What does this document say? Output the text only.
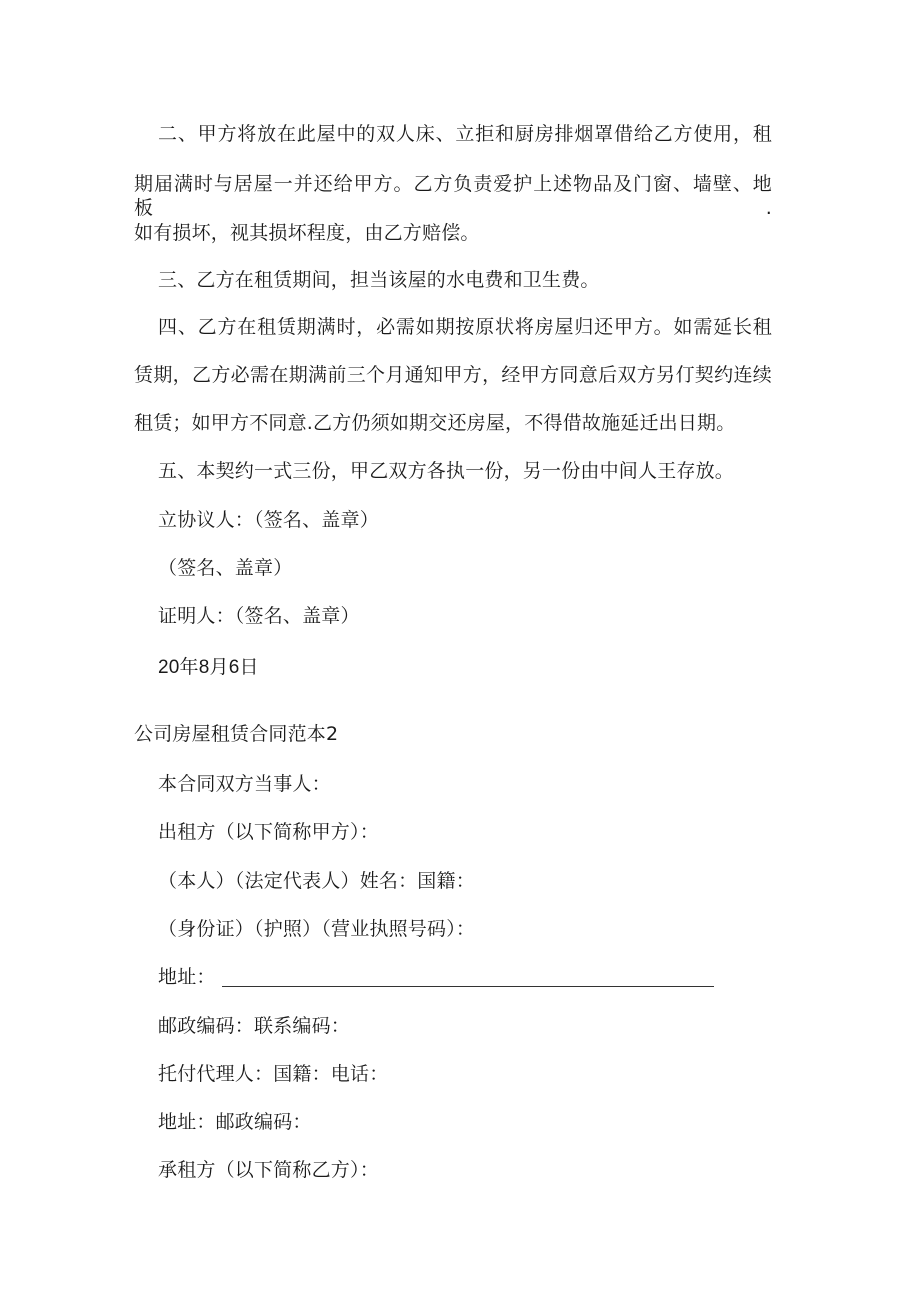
二、甲方将放在此屋中的双人床、立拒和厨房排烟罩借给乙方使用，租
期届满时与居屋一并还给甲方。乙方负责爱护上述物品及门窗、墙壁、地板.
如有损坏，视其损坏程度，由乙方赔偿。
三、乙方在租赁期间，担当该屋的水电费和卫生费。
四、乙方在租赁期满时，必需如期按原状将房屋归还甲方。如需延长租
赁期，乙方必需在期满前三个月通知甲方，经甲方同意后双方另仃契约连续
租赁；如甲方不同意.乙方仍须如期交还房屋，不得借故施延迁出日期。
五、本契约一式三份，甲乙双方各执一份，另一份由中间人王存放。
立协议人：（签名、盖章）
（签名、盖章）
证明人：（签名、盖章）
20年8月6日
公司房屋租赁合同范本2
本合同双方当事人：
出租方（以下简称甲方）：
（本人）（法定代表人）姓名：国籍：
（身份证）（护照）（营业执照号码）：
地址：
邮政编码：联系编码：
托付代理人：国籍：电话：
地址：邮政编码：
承租方（以下简称乙方）：
